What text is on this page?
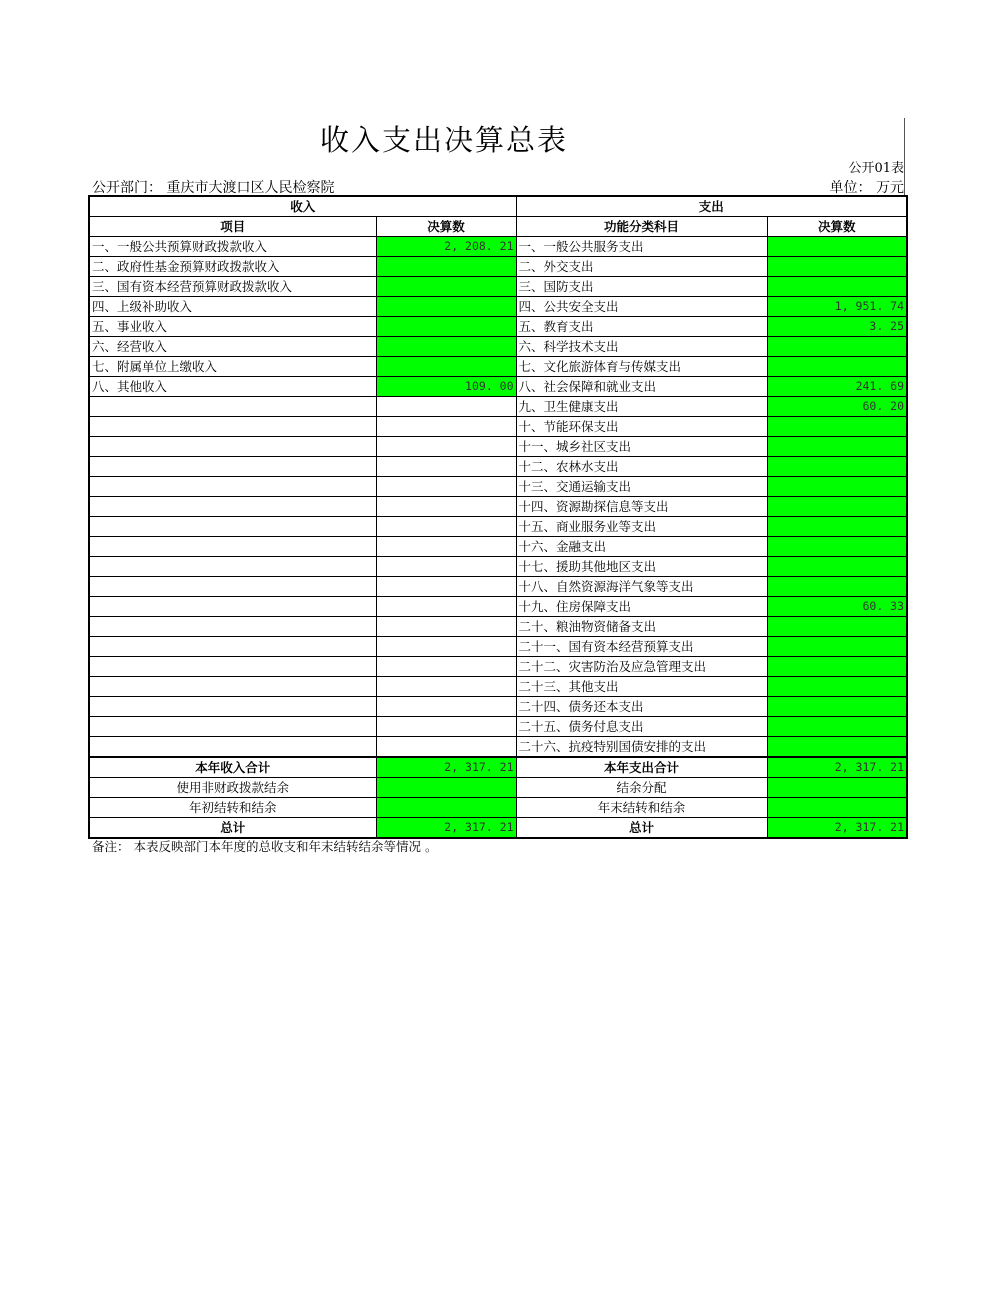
收入支出决算总表
公开01表
公开部门： 重庆市大渡口区人民检察院	单位： 万元
收入		支出	
项目	决算数	功能分类科目	决算数
一、一般公共预算财政拨款收入	2, 208. 21	一、一般公共服务支出	
二、政府性基金预算财政拨款收入		二、外交支出	
三、国有资本经营预算财政拨款收入		三、国防支出	
四、上级补助收入		四、公共安全支出	1, 951. 74
五、事业收入		五、教育支出	3. 25
六、经营收入		六、科学技术支出	
七、附属单位上缴收入		七、文化旅游体育与传媒支出	
八、其他收入	109. 00	八、社会保障和就业支出	241. 69
		九、卫生健康支出	60. 20
		十、节能环保支出	
		十一、城乡社区支出	
		十二、农林水支出	
		十三、交通运输支出	
		十四、资源勘探信息等支出	
		十五、商业服务业等支出	
		十六、金融支出	
		十七、援助其他地区支出	
		十八、自然资源海洋气象等支出	
		十九、住房保障支出	60. 33
		二十、粮油物资储备支出	
		二十一、国有资本经营预算支出	
		二十二、灾害防治及应急管理支出	
		二十三、其他支出	
		二十四、债务还本支出	
		二十五、债务付息支出	
		二十六、抗疫特别国债安排的支出	
本年收入合计	2, 317. 21	本年支出合计	2, 317. 21
使用非财政拨款结余		结余分配	
年初结转和结余		年末结转和结余	
总计	2, 317. 21	总计	2, 317. 21
备注： 本表反映部门本年度的总收支和年末结转结余等情况 。
